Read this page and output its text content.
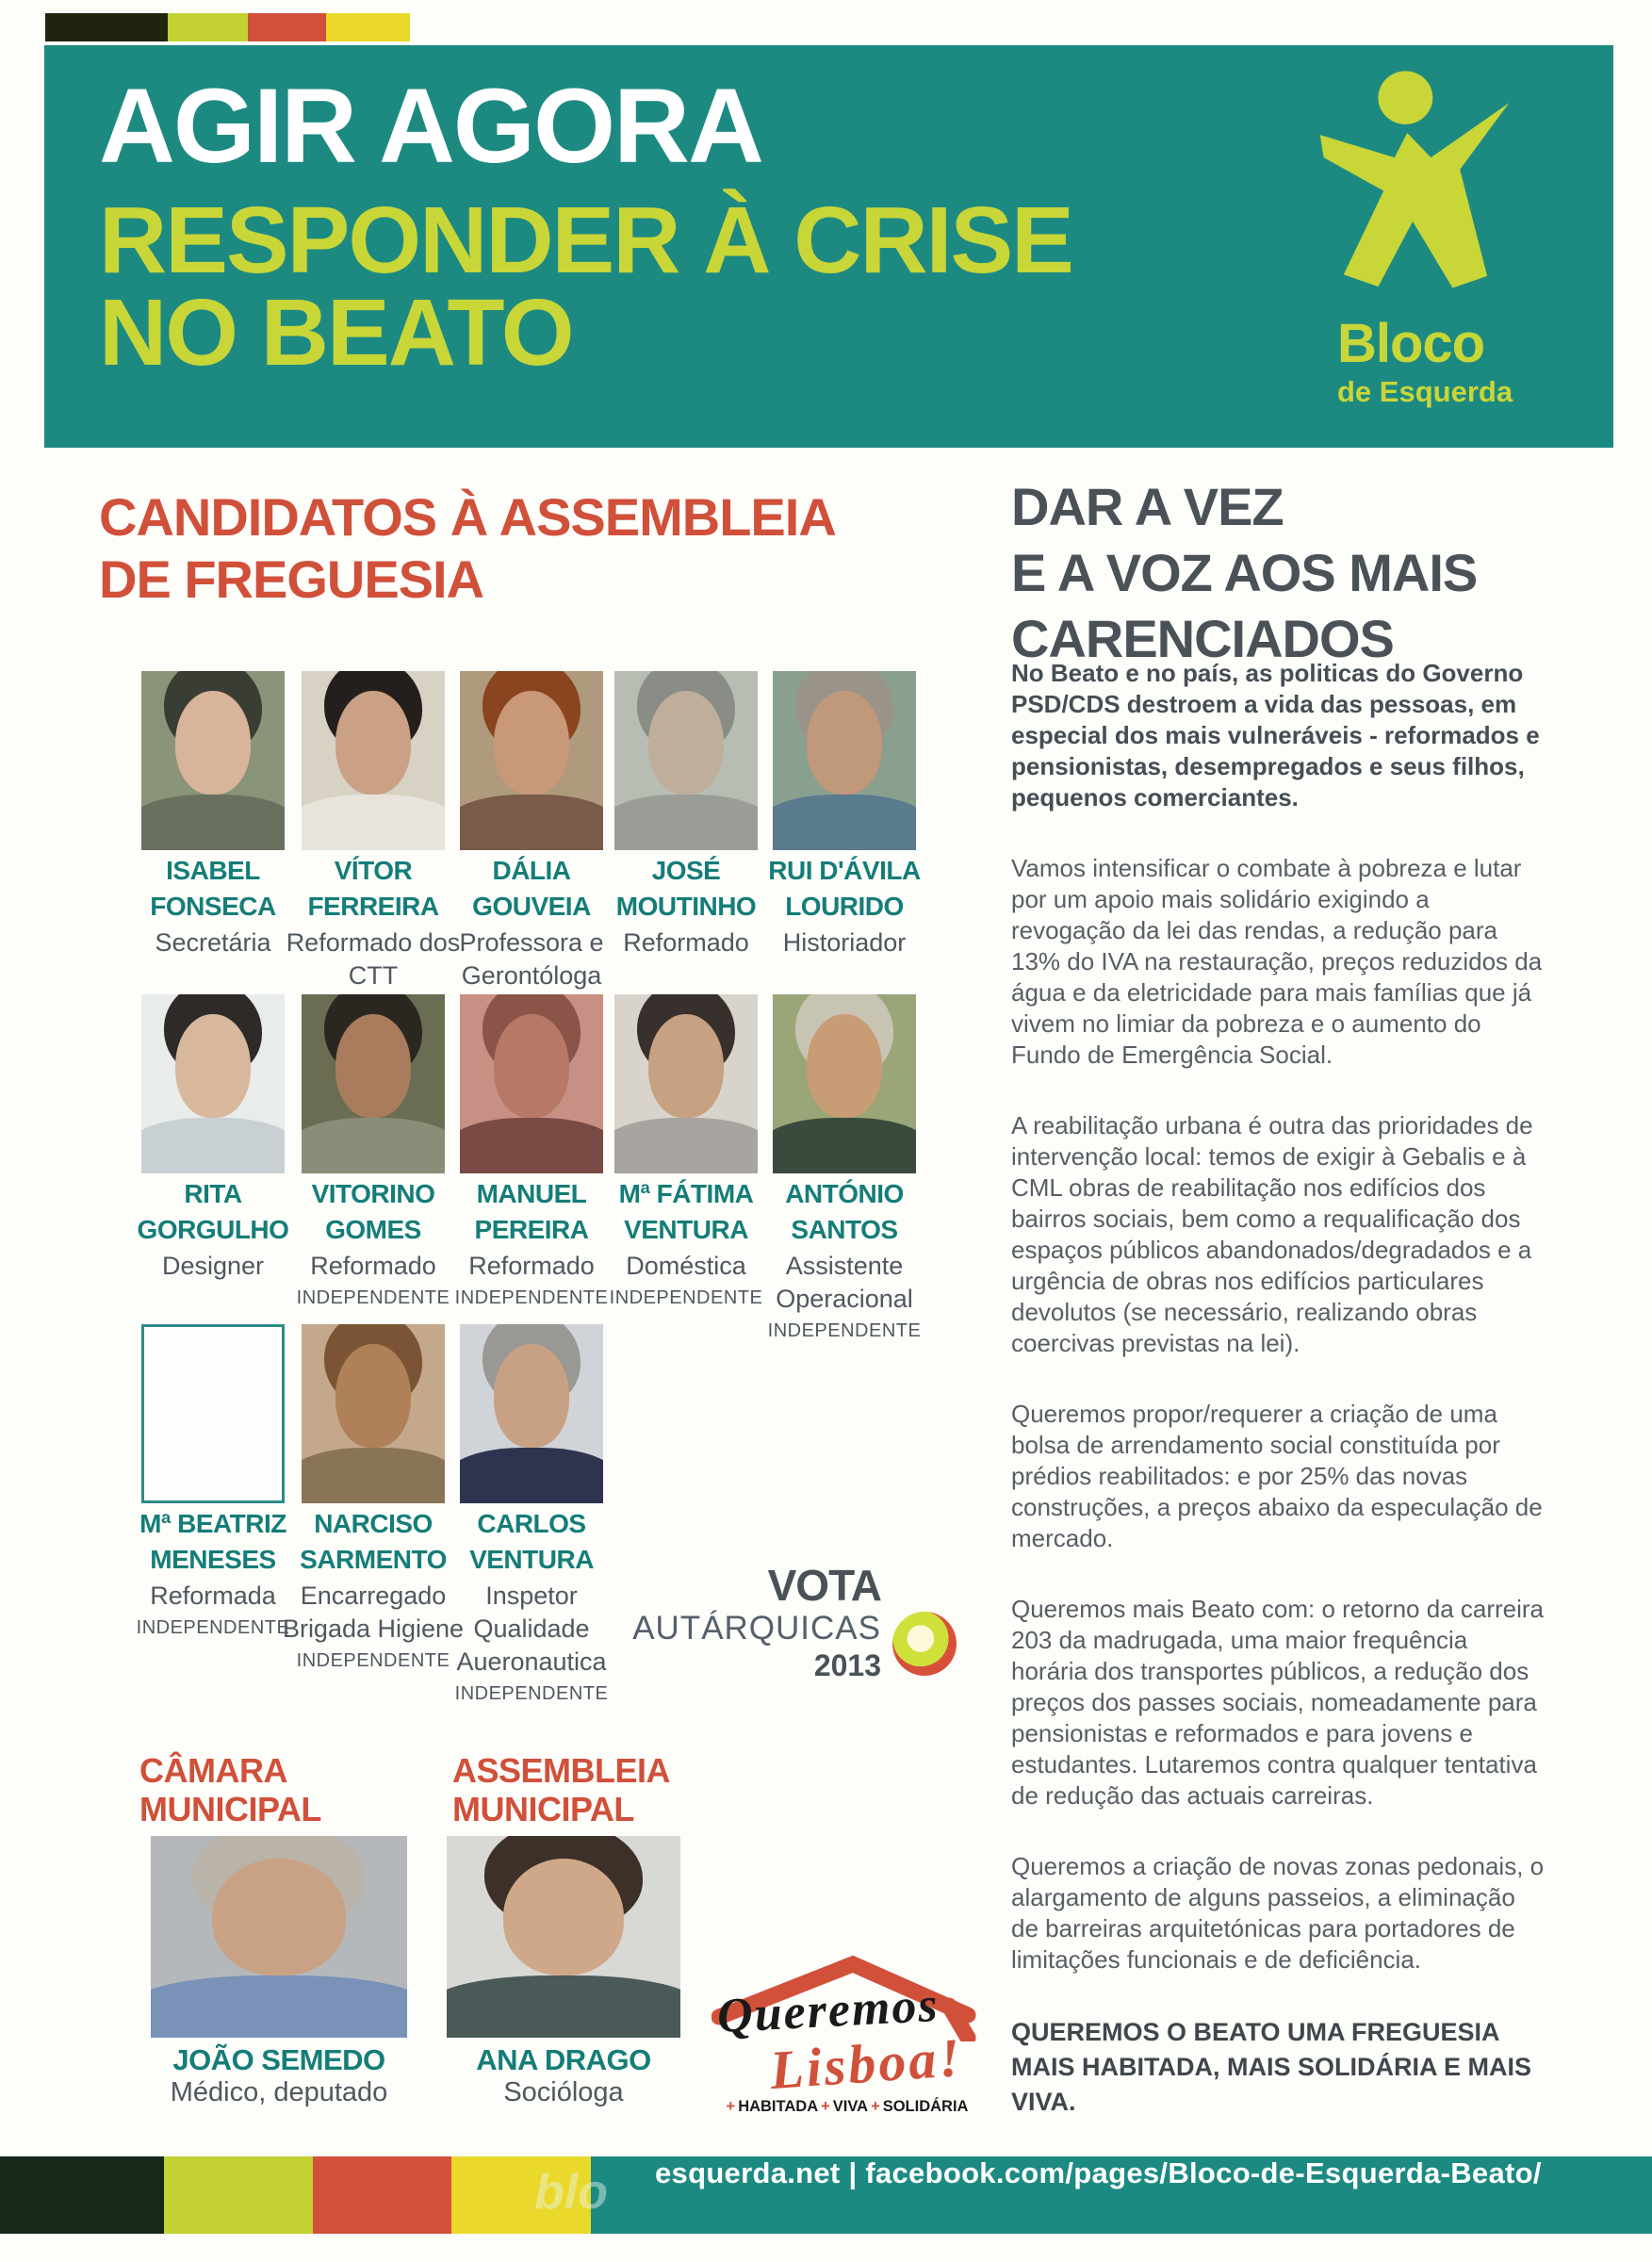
AGIR AGORA
RESPONDER À CRISE
NO BEATO	Bloco
de Esquerda
CANDIDATOS À ASSEMBLEIA
DE FREGUESIA
ISABEL
FONSECA
Secretária
VÍTOR
FERREIRA
Reformado dos CTT
DÁLIA
GOUVEIA
Professora e Gerontóloga
JOSÉ
MOUTINHO
Reformado
RUI D'ÁVILA
LOURIDO
Historiador
RITA
GORGULHO
Designer
VITORINO
GOMES
Reformado
INDEPENDENTE
MANUEL
PEREIRA
Reformado
INDEPENDENTE
Mª FÁTIMA
VENTURA
Doméstica
INDEPENDENTE
ANTÓNIO
SANTOS
Assistente Operacional
INDEPENDENTE
Mª BEATRIZ
MENESES
Reformada
INDEPENDENTE
NARCISO
SARMENTO
Encarregado Brigada Higiene
INDEPENDENTE
CARLOS
VENTURA
Inspetor Qualidade Aueronautica
INDEPENDENTE
DAR A VEZ
E A VOZ AOS MAIS
CARENCIADOS

No Beato e no país, as politicas do Governo PSD/CDS destroem a vida das pessoas, em especial dos mais vulneráveis - reformados e pensionistas, desempregados e seus filhos, pequenos comerciantes.

Vamos intensificar o combate à pobreza e lutar por um apoio mais solidário exigindo a revogação da lei das rendas, a redução para 13% do IVA na restauração, preços reduzidos da água e da eletricidade para mais famílias que já vivem no limiar da pobreza e o aumento do Fundo de Emergência Social.

A reabilitação urbana é outra das prioridades de intervenção local: temos de exigir à Gebalis e à CML obras de reabilitação nos edifícios dos bairros sociais, bem como a requalificação dos espaços públicos abandonados/degradados e a urgência de obras nos edifícios particulares devolutos (se necessário, realizando obras coercivas previstas na lei).

Queremos propor/requerer a criação de uma bolsa de arrendamento social constituída por prédios reabilitados: e por 25% das novas construções, a preços abaixo da especulação de mercado.

Queremos mais Beato com: o retorno da carreira 203 da madrugada, uma maior frequência horária dos transportes públicos, a redução dos preços dos passes sociais, nomeadamente para pensionistas e reformados e para jovens e estudantes. Lutaremos contra qualquer tentativa de redução das actuais carreiras.

Queremos a criação de novas zonas pedonais, o alargamento de alguns passeios, a eliminação de barreiras arquitetónicas para portadores de limitações funcionais e de deficiência.

QUEREMOS O BEATO UMA FREGUESIA MAIS HABITADA, MAIS SOLIDÁRIA E MAIS VIVA.

VOTA
AUTÁRQUICAS
2013
CÂMARA
MUNICIPAL
ASSEMBLEIA
MUNICIPAL
JOÃO SEMEDO
Médico, deputado
ANA DRAGO
Socióloga
Queremos
Lisboa!
+ HABITADA + VIVA + SOLIDÁRIA
blo esquerda.net | facebook.com/pages/Bloco-de-Esquerda-Beato/
